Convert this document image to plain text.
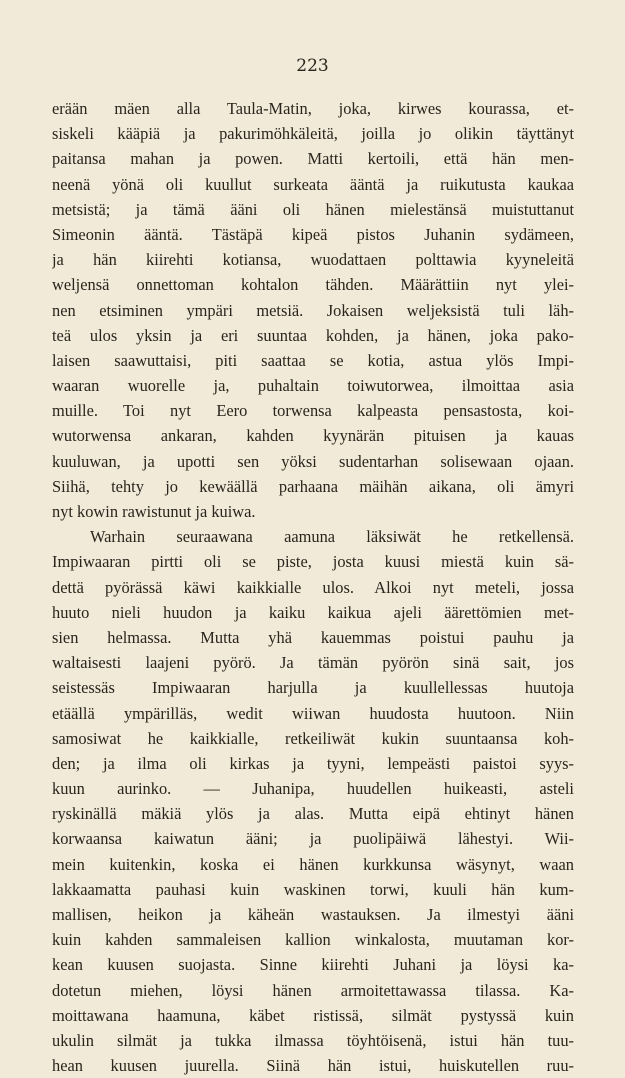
223
erään mäen alla Taula-Matin, joka, kirwes kourassa, et-
siskeli kääpiä ja pakurimöhkäleitä, joilla jo olikin täyttänyt
paitansa mahan ja powen. Matti kertoili, että hän men-
neenä yönä oli kuullut surkeata ääntä ja ruikutusta kaukaa
metsistä; ja tämä ääni oli hänen mielestänsä muistuttanut
Simeonin ääntä. Tästäpä kipeä pistos Juhanin sydämeen,
ja hän kiirehti kotiansa, wuodattaen polttawia kyyneleitä
weljensä onnettoman kohtalon tähden. Määrättiin nyt ylei-
nen etsiminen ympäri metsiä. Jokaisen weljeksistä tuli läh-
teä ulos yksin ja eri suuntaa kohden, ja hänen, joka pako-
laisen saawuttaisi, piti saattaa se kotia, astua ylös Impi-
waaran wuorelle ja, puhaltain toiwutorwea, ilmoittaa asia
muille. Toi nyt Eero torwensa kalpeasta pensastosta, koi-
wutorwensa ankaran, kahden kyynärän pituisen ja kauas
kuuluwan, ja upotti sen yöksi sudentarhan solisewaan ojaan.
Siihä, tehty jo kewäällä parhaana mäihän aikana, oli ämyri
nyt kowin rawistunut ja kuiwa.
Warhain seuraawana aamuna läksiwät he retkellensä.
Impiwaaran pirtti oli se piste, josta kuusi miestä kuin sä-
dettä pyörässä käwi kaikkialle ulos. Alkoi nyt meteli, jossa
huuto nieli huudon ja kaiku kaikua ajeli äärettömien met-
sien helmassa. Mutta yhä kauemmas poistui pauhu ja
waltaisesti laajeni pyörö. Ja tämän pyörön sinä sait, jos
seistessäs Impiwaaran harjulla ja kuullellessas huutoja
etäällä ympärilläs, wedit wiiwan huudosta huutoon. Niin
samosiwat he kaikkialle, retkeiliwät kukin suuntaansa koh-
den; ja ilma oli kirkas ja tyyni, lempeästi paistoi syys-
kuun aurinko. — Juhanipa, huudellen huikeasti, asteli
ryskinällä mäkiä ylös ja alas. Mutta eipä ehtinyt hänen
korwaansa kaiwatun ääni; ja puolipäiwä lähestyi. Wii-
mein kuitenkin, koska ei hänen kurkkunsa wäsynyt, waan
lakkaamatta pauhasi kuin waskinen torwi, kuuli hän kum-
mallisen, heikon ja käheän wastauksen. Ja ilmestyi ääni
kuin kahden sammaleisen kallion winkalosta, muutaman kor-
kean kuusen suojasta. Sinne kiirehti Juhani ja löysi ka-
dotetun miehen, löysi hänen armoitettawassa tilassa. Ka-
moittawana haamuna, käbet ristissä, silmät pystyssä kuin
ukulin silmät ja tukka ilmassa töyhtöisenä, istui hän tuu-
hean kuusen juurella. Siinä hän istui, huiskutellen ruu-
